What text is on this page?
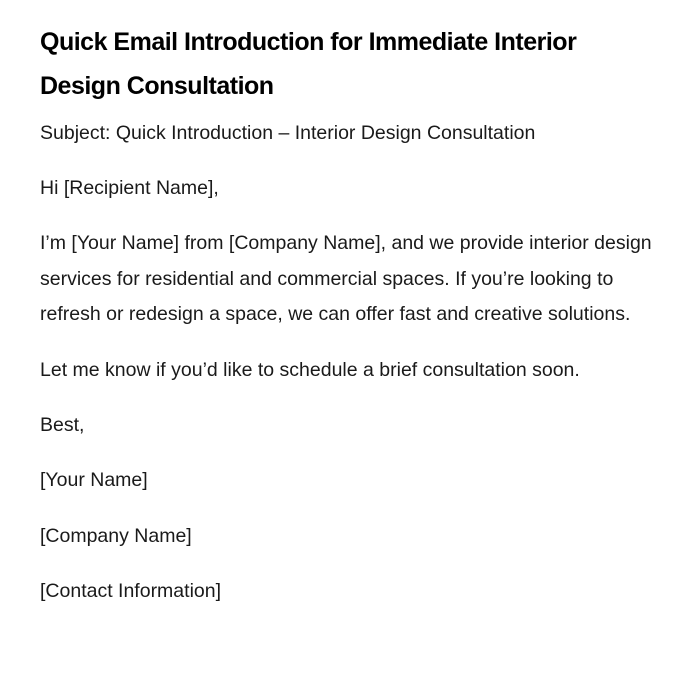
Quick Email Introduction for Immediate Interior Design Consultation

Subject: Quick Introduction – Interior Design Consultation

Hi [Recipient Name],

I’m [Your Name] from [Company Name], and we provide interior design services for residential and commercial spaces. If you’re looking to refresh or redesign a space, we can offer fast and creative solutions.

Let me know if you’d like to schedule a brief consultation soon.

Best,

[Your Name]

[Company Name]

[Contact Information]
